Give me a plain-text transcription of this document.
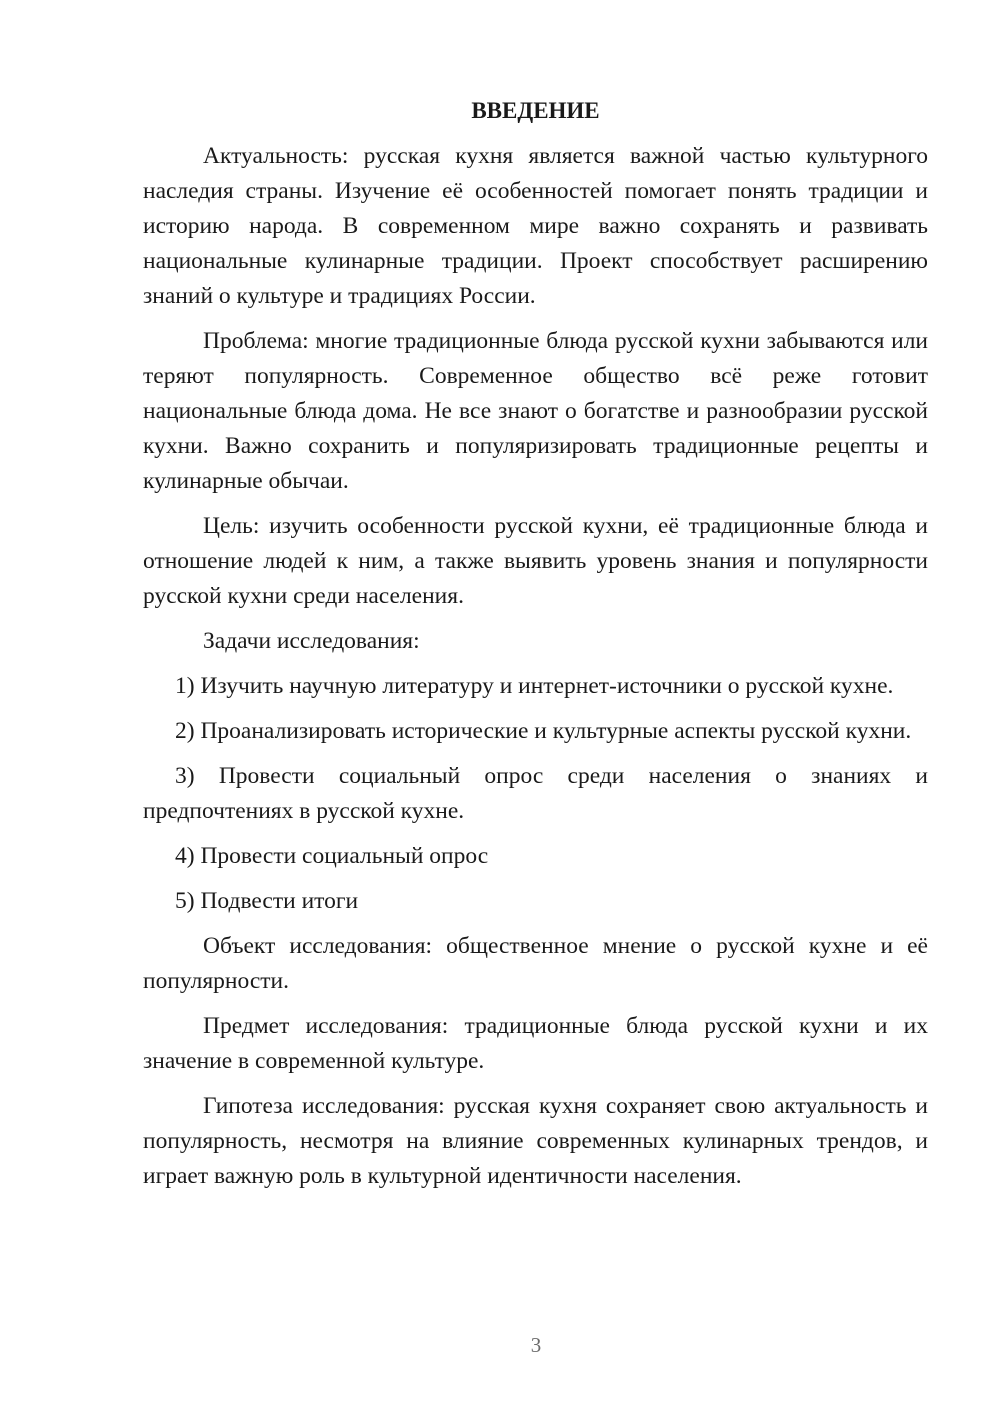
ВВЕДЕНИЕ

Актуальность: русская кухня является важной частью культурного наследия страны. Изучение её особенностей помогает понять традиции и историю народа. В современном мире важно сохранять и развивать национальные кулинарные традиции. Проект способствует расширению знаний о культуре и традициях России.

Проблема: многие традиционные блюда русской кухни забываются или теряют популярность. Современное общество всё реже готовит национальные блюда дома. Не все знают о богатстве и разнообразии русской кухни. Важно сохранить и популяризировать традиционные рецепты и кулинарные обычаи.

Цель: изучить особенности русской кухни, её традиционные блюда и отношение людей к ним, а также выявить уровень знания и популярности русской кухни среди населения.

Задачи исследования:

1) Изучить научную литературу и интернет-источники о русской кухне.

2) Проанализировать исторические и культурные аспекты русской кухни.

3) Провести социальный опрос среди населения о знаниях и предпочтениях в русской кухне.

4) Провести социальный опрос

5) Подвести итоги

Объект исследования: общественное мнение о русской кухне и её популярности.

Предмет исследования: традиционные блюда русской кухни и их значение в современной культуре.

Гипотеза исследования: русская кухня сохраняет свою актуальность и популярность, несмотря на влияние современных кулинарных трендов, и играет важную роль в культурной идентичности населения.

3
